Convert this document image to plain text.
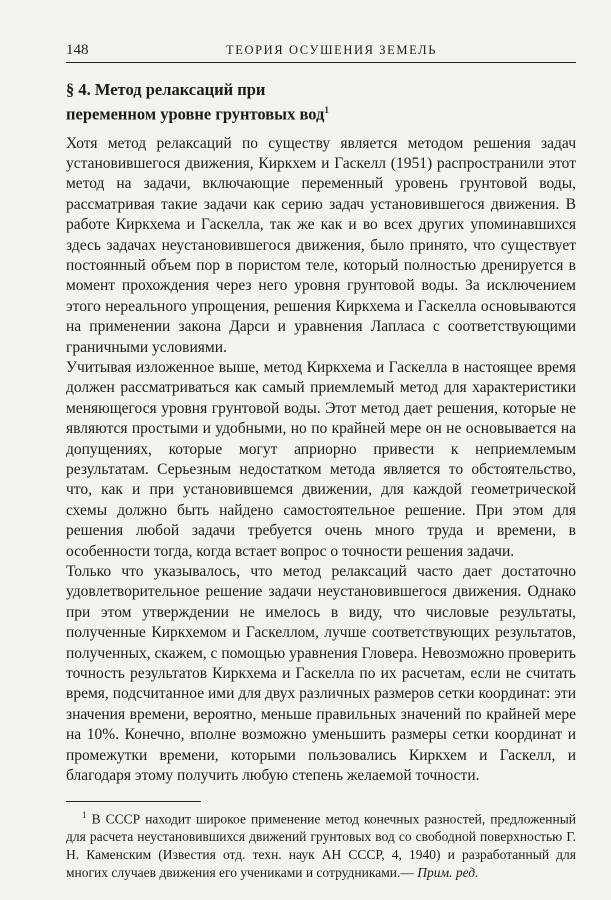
148	ТЕОРИЯ ОСУШЕНИЯ ЗЕМЕЛЬ
§ 4. Метод релаксаций при
переменном уровне грунтовых вод$^1$

Хотя метод релаксаций по существу является методом решения задач установившегося движения, Киркхем и Гаскелл (1951) распространили этот метод на задачи, включающие переменный уровень грунтовой воды, рассматривая такие задачи как серию задач установившегося движения. В работе Киркхема и Гаскелла, так же как и во всех других упоминавшихся здесь задачах неустановившегося движения, было принято, что существует постоянный объем пор в пористом теле, который полностью дренируется в момент прохождения через него уровня грунтовой воды. За исключением этого нереального упрощения, решения Киркхема и Гаскелла основываются на применении закона Дарси и уравнения Лапласа с соответствующими граничными условиями.

Учитывая изложенное выше, метод Киркхема и Гаскелла в настоящее время должен рассматриваться как самый приемлемый метод для характеристики меняющегося уровня грунтовой воды. Этот метод дает решения, которые не являются простыми и удобными, но по крайней мере он не основывается на допущениях, которые могут априорно привести к неприемлемым результатам. Серьезным недостатком метода является то обстоятельство, что, как и при установившемся движении, для каждой геометрической схемы должно быть найдено самостоятельное решение. При этом для решения любой задачи требуется очень много труда и времени, в особенности тогда, когда встает вопрос о точности решения задачи.

Только что указывалось, что метод релаксаций часто дает достаточно удовлетворительное решение задачи неустановившегося движения. Однако при этом утверждении не имелось в виду, что числовые результаты, полученные Киркхемом и Гаскеллом, лучше соответствующих результатов, полученных, скажем, с помощью уравнения Гловера. Невозможно проверить точность результатов Киркхема и Гаскелла по их расчетам, если не считать время, подсчитанное ими для двух различных размеров сетки координат: эти значения времени, вероятно, меньше правильных значений по крайней мере на 10%. Конечно, вполне возможно уменьшить размеры сетки координат и промежутки времени, которыми пользовались Киркхем и Гаскелл, и благодаря этому получить любую степень желаемой точности.

$^1$ В СССР находит широкое применение метод конечных разностей, предложенный для расчета неустановившихся движений грунтовых вод со свободной поверхностью Г. Н. Каменским (Известия отд. техн. наук АН СССР, 4, 1940) и разработанный для многих случаев движения его учениками и сотрудниками.— Прим. ред.
